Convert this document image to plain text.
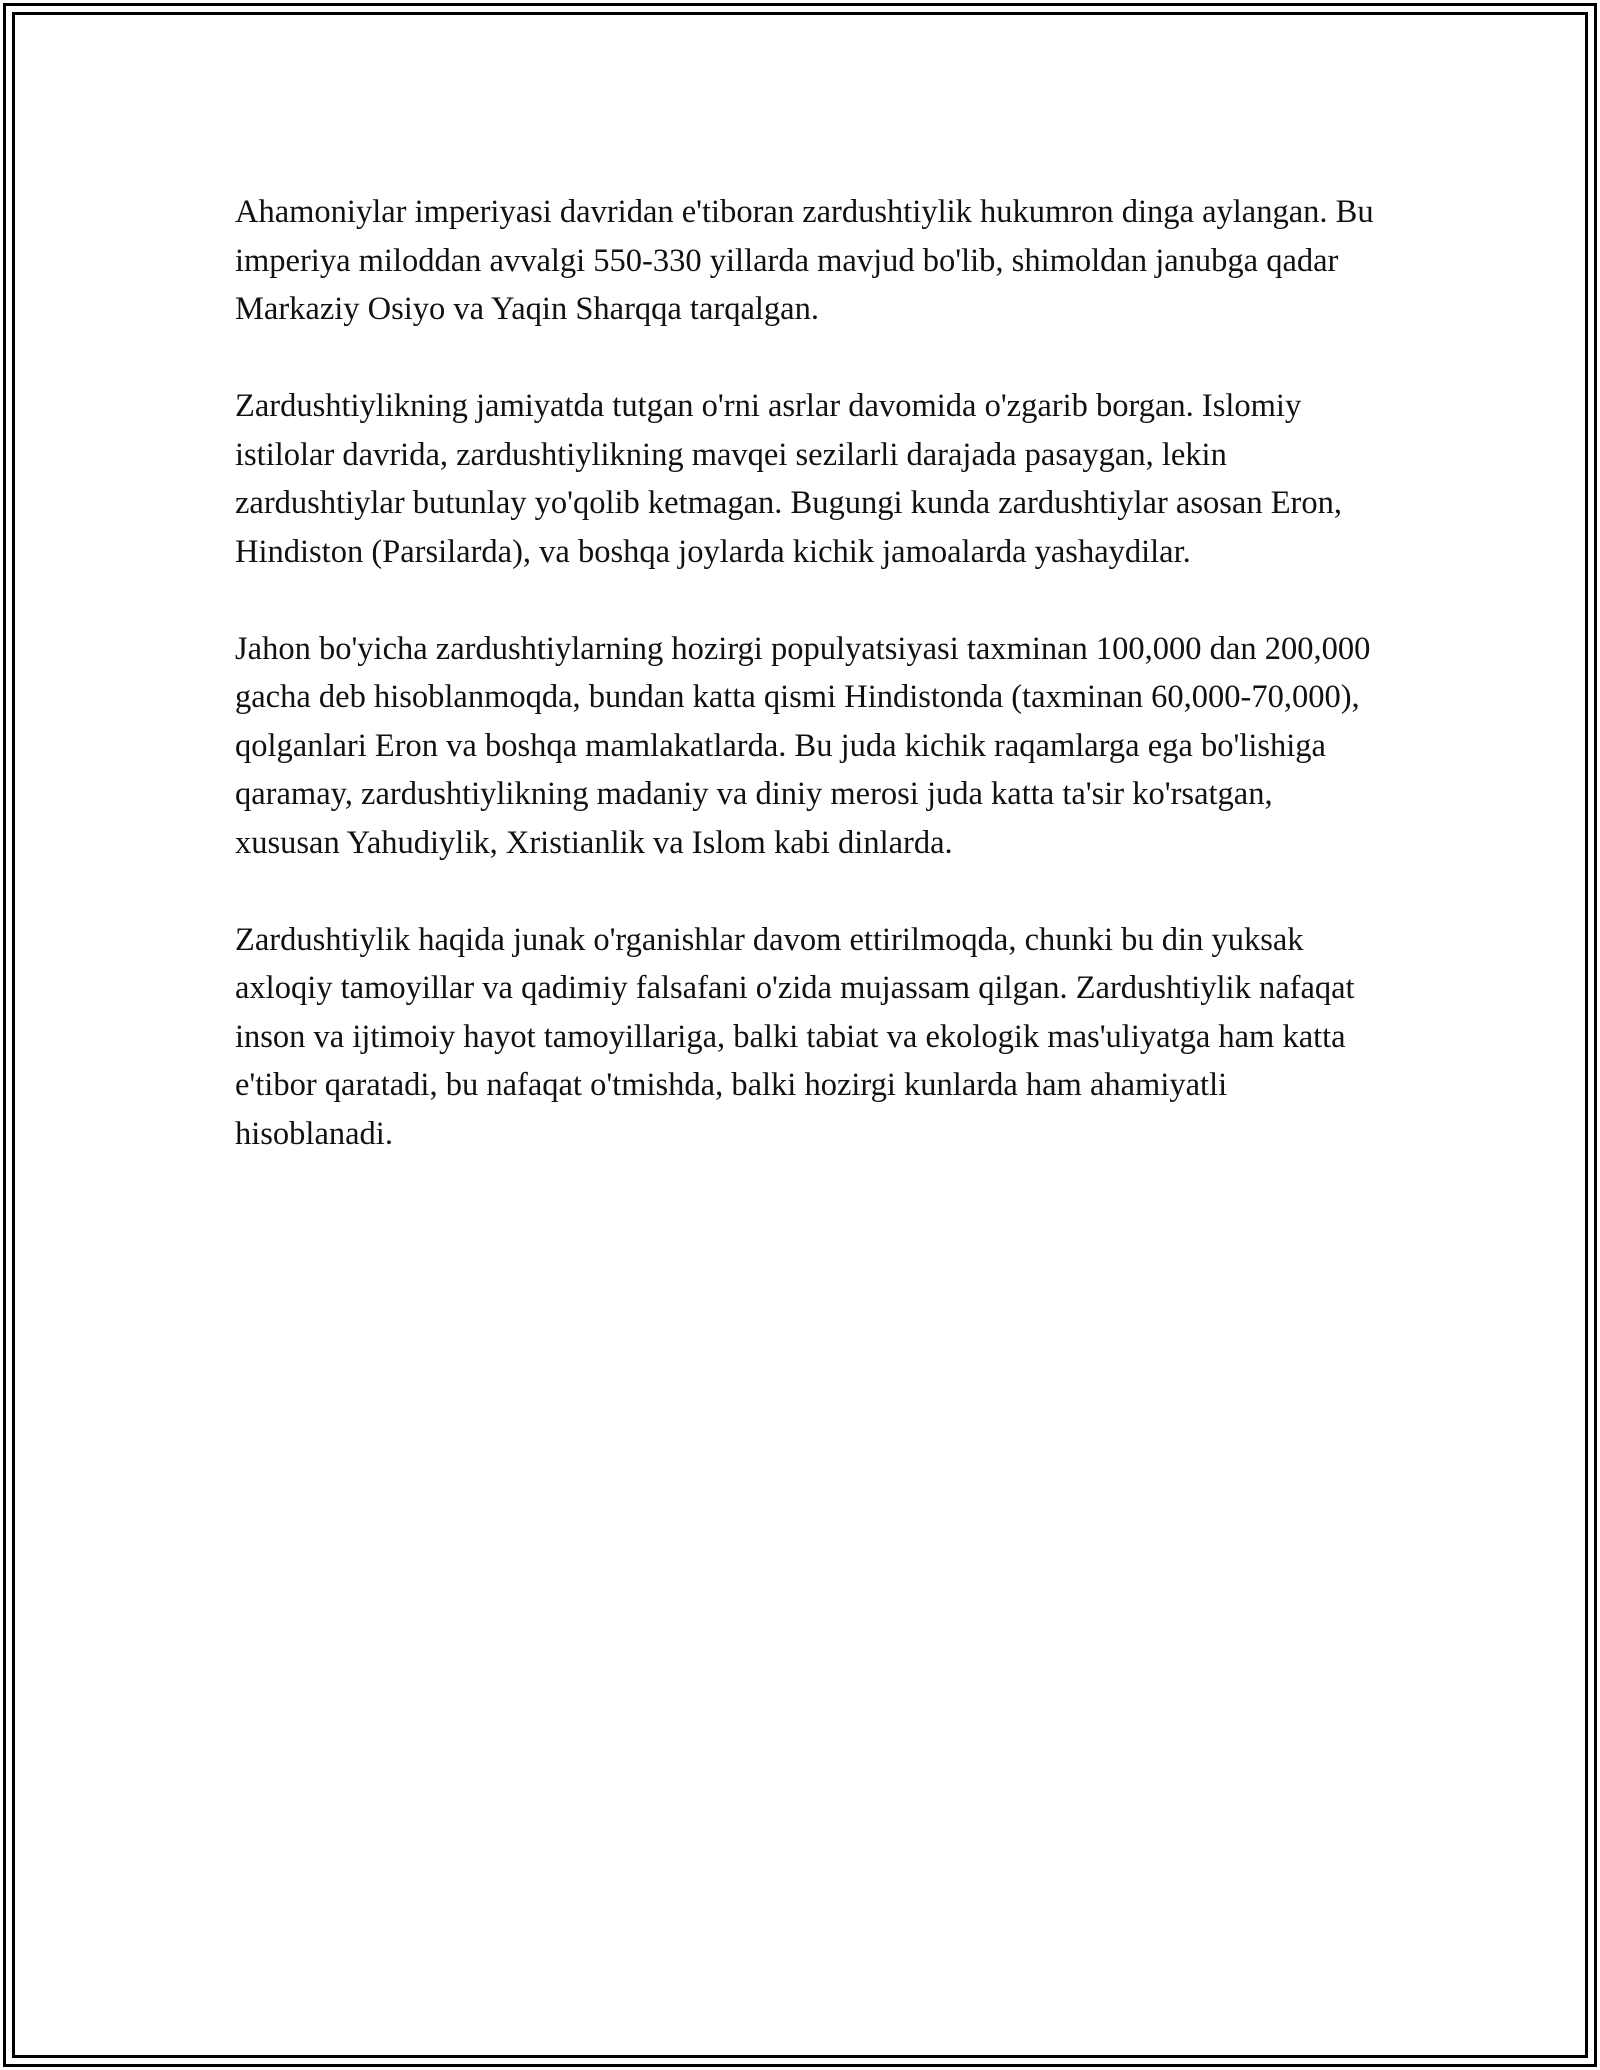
Ahamoniylar imperiyasi davridan e'tiboran zardushtiylik hukumron dinga aylangan. Bu imperiya miloddan avvalgi 550-330 yillarda mavjud bo'lib, shimoldan janubga qadar Markaziy Osiyo va Yaqin Sharqqa tarqalgan.

Zardushtiylikning jamiyatda tutgan o'rni asrlar davomida o'zgarib borgan. Islomiy istilolar davrida, zardushtiylikning mavqei sezilarli darajada pasaygan, lekin zardushtiylar butunlay yo'qolib ketmagan. Bugungi kunda zardushtiylar asosan Eron, Hindiston (Parsilarda), va boshqa joylarda kichik jamoalarda yashaydilar.

Jahon bo'yicha zardushtiylarning hozirgi populyatsiyasi taxminan 100,000 dan 200,000 gacha deb hisoblanmoqda, bundan katta qismi Hindistonda (taxminan 60,000-70,000), qolganlari Eron va boshqa mamlakatlarda. Bu juda kichik raqamlarga ega bo'lishiga qaramay, zardushtiylikning madaniy va diniy merosi juda katta ta'sir ko'rsatgan, xususan Yahudiylik, Xristianlik va Islom kabi dinlarda.

Zardushtiylik haqida junak o'rganishlar davom ettirilmoqda, chunki bu din yuksak axloqiy tamoyillar va qadimiy falsafani o'zida mujassam qilgan. Zardushtiylik nafaqat inson va ijtimoiy hayot tamoyillariga, balki tabiat va ekologik mas'uliyatga ham katta e'tibor qaratadi, bu nafaqat o'tmishda, balki hozirgi kunlarda ham ahamiyatli hisoblanadi.
